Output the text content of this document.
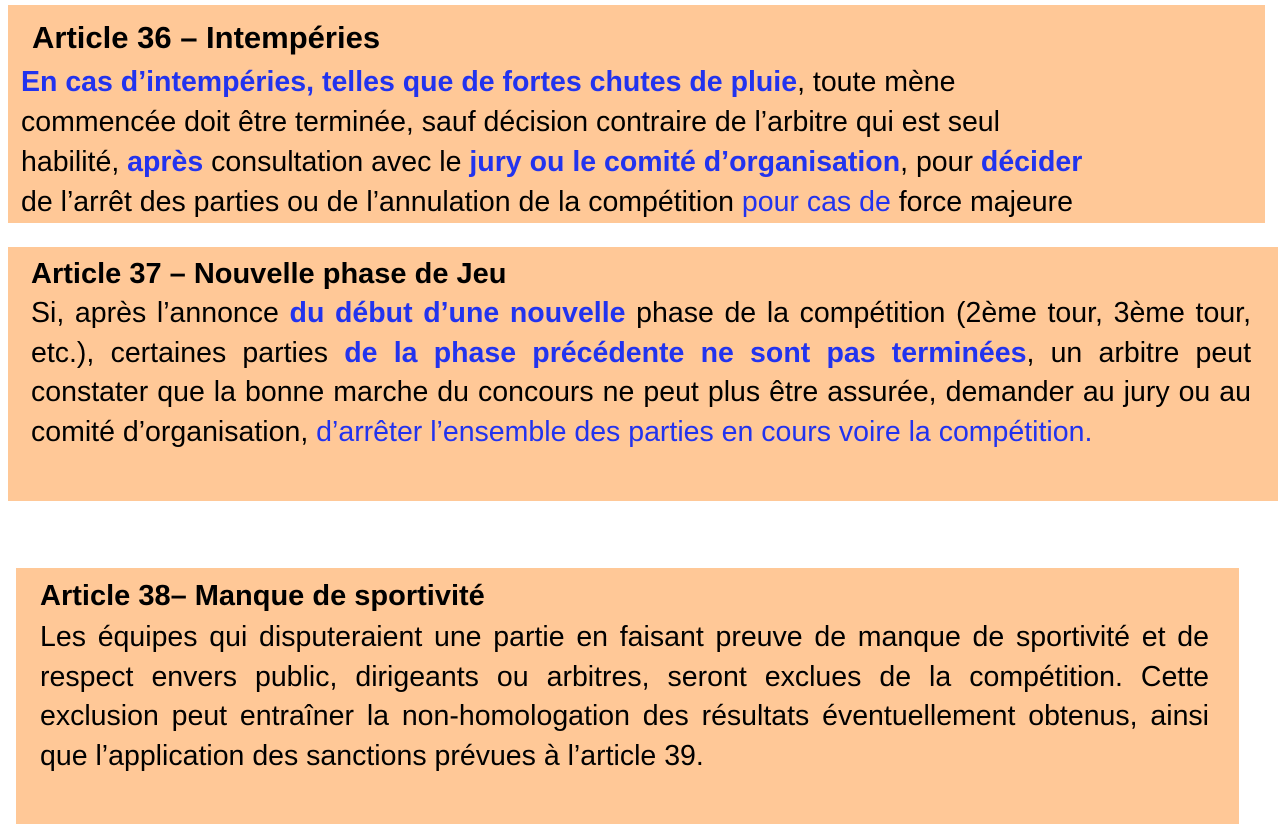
Article 36 – Intempéries
En cas d’intempéries, telles que de fortes chutes de pluie, toute mène
commencée doit être terminée, sauf décision contraire de l’arbitre qui est seul
habilité, après consultation avec le jury ou le comité d’organisation, pour décider
de l’arrêt des parties ou de l’annulation de la compétition pour cas de force majeure
Article 37 – Nouvelle phase de Jeu

Si, après l’annonce du début d’une nouvelle phase de la compétition (2ème tour, 3ème tour, etc.), certaines parties de la phase précédente ne sont pas terminées, un arbitre peut constater que la bonne marche du concours ne peut plus être assurée, demander au jury ou au comité d’organisation, d’arrêter l’ensemble des parties en cours voire la compétition.

Article 38– Manque de sportivité

Les équipes qui disputeraient une partie en faisant preuve de manque de sportivité et de respect envers public, dirigeants ou arbitres, seront exclues de la compétition. Cette exclusion peut entraîner la non-homologation des résultats éventuellement obtenus, ainsi que l’application des sanctions prévues à l’article 39.
